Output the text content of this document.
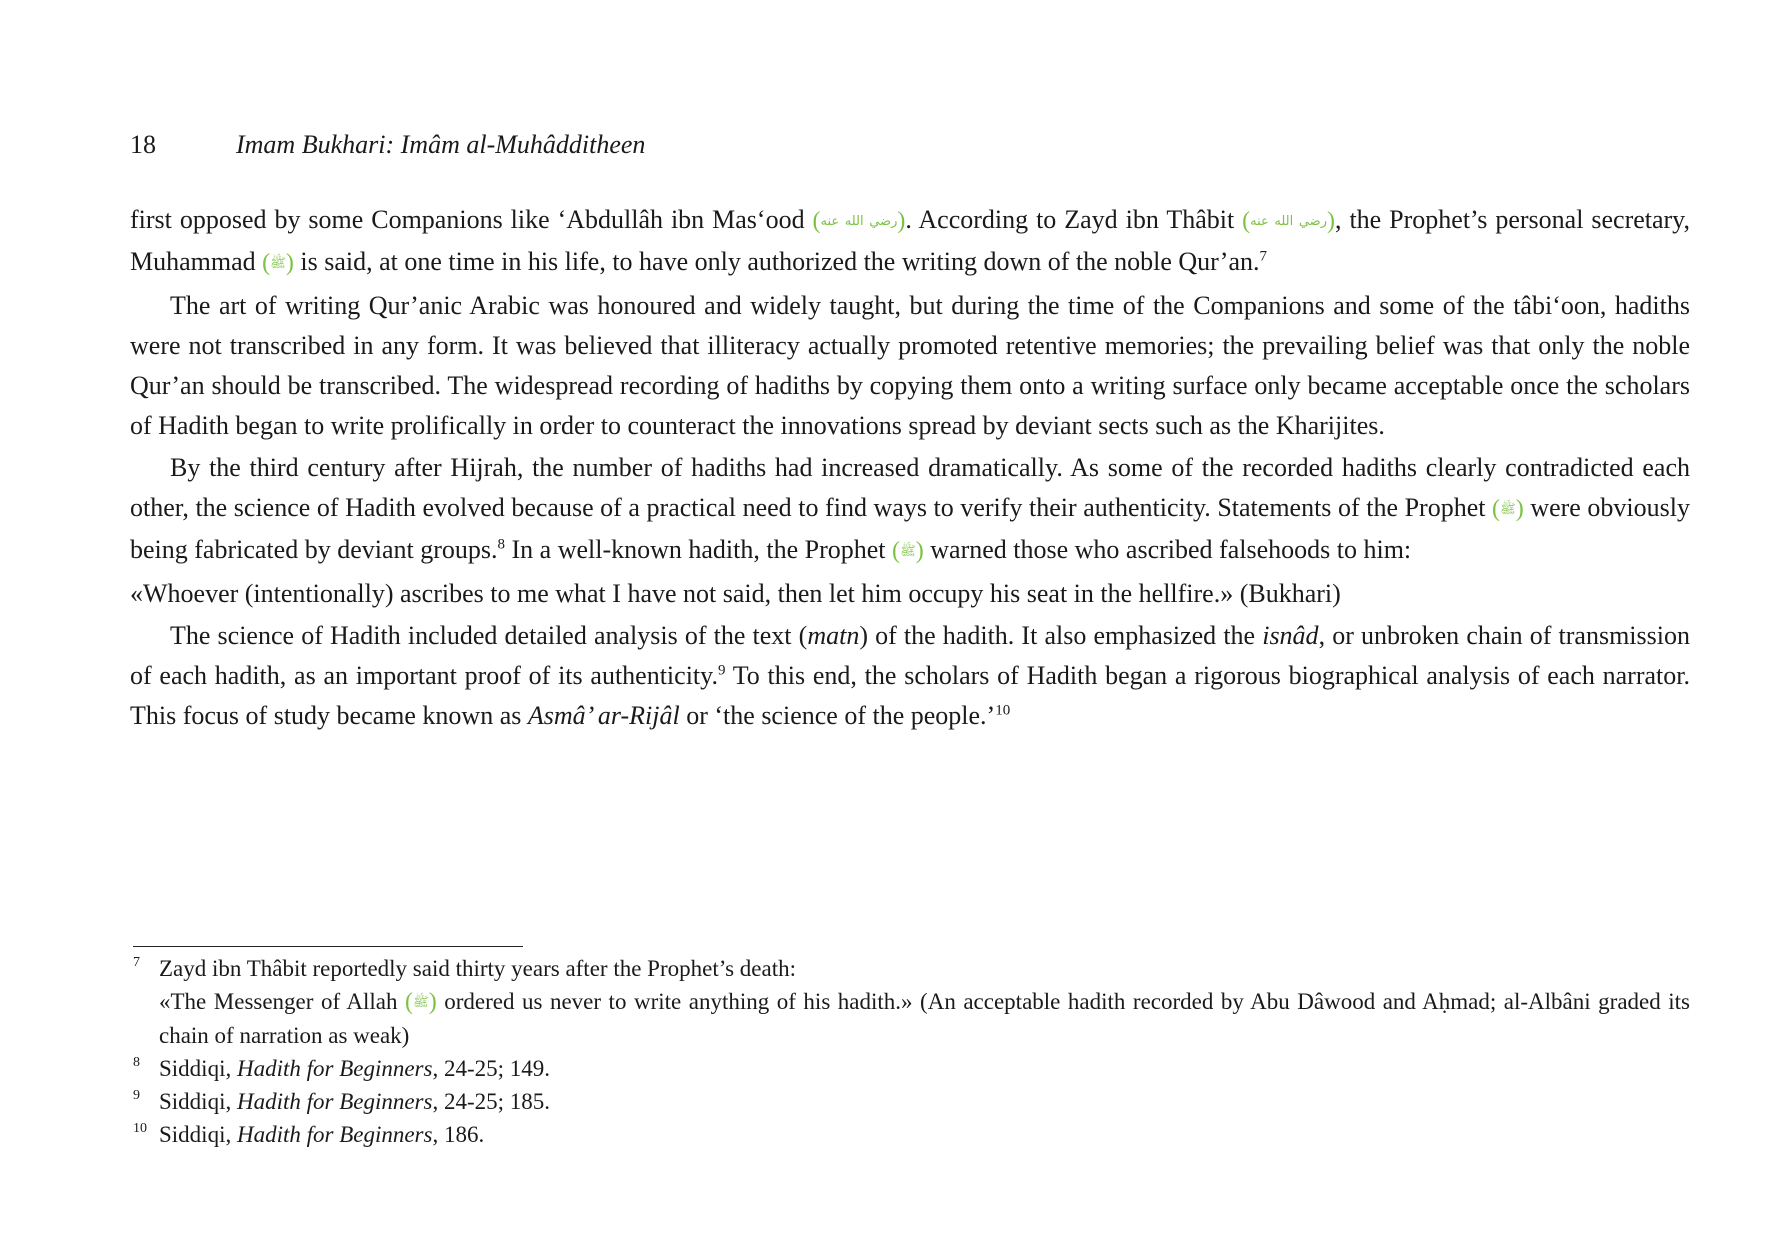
18	Imam Bukhari: Imâm al-Muhâdditheen

first opposed by some Companions like ‘Abdullâh ibn Mas‘ood (رضي الله عنه). According to Zayd ibn Thâbit (رضي الله عنه), the Prophet’s personal secretary, Muhammad (ﷺ) is said, at one time in his life, to have only authorized the writing down of the noble Qur’an.$^7$

The art of writing Qur’anic Arabic was honoured and widely taught, but during the time of the Companions and some of the tâbi‘oon, hadiths were not transcribed in any form. It was believed that illiteracy actually promoted retentive memories; the prevailing belief was that only the noble Qur’an should be transcribed. The widespread recording of hadiths by copying them onto a writing surface only became acceptable once the scholars of Hadith began to write prolifically in order to counteract the innovations spread by deviant sects such as the Kharijites.

By the third century after Hijrah, the number of hadiths had increased dramatically. As some of the recorded hadiths clearly contradicted each other, the science of Hadith evolved because of a practical need to find ways to verify their authenticity. Statements of the Prophet (ﷺ) were obviously being fabricated by deviant groups.$^8$ In a well-known hadith, the Prophet (ﷺ) warned those who ascribed falsehoods to him:

«Whoever (intentionally) ascribes to me what I have not said, then let him occupy his seat in the hellfire.» (Bukhari)

The science of Hadith included detailed analysis of the text (matn) of the hadith. It also emphasized the isnâd, or unbroken chain of transmission of each hadith, as an important proof of its authenticity.$^9$ To this end, the scholars of Hadith began a rigorous biographical analysis of each narrator. This focus of study became known as Asmâ’ ar-Rijâl or ‘the science of the people.’$^{10}$

7 Zayd ibn Thâbit reportedly said thirty years after the Prophet’s death:
«The Messenger of Allah (ﷺ) ordered us never to write anything of his hadith.» (An acceptable hadith recorded by Abu Dâwood and Aḥmad; al-Albâni graded its chain of narration as weak)
8 Siddiqi, Hadith for Beginners, 24-25; 149.
9 Siddiqi, Hadith for Beginners, 24-25; 185.
10 Siddiqi, Hadith for Beginners, 186.
